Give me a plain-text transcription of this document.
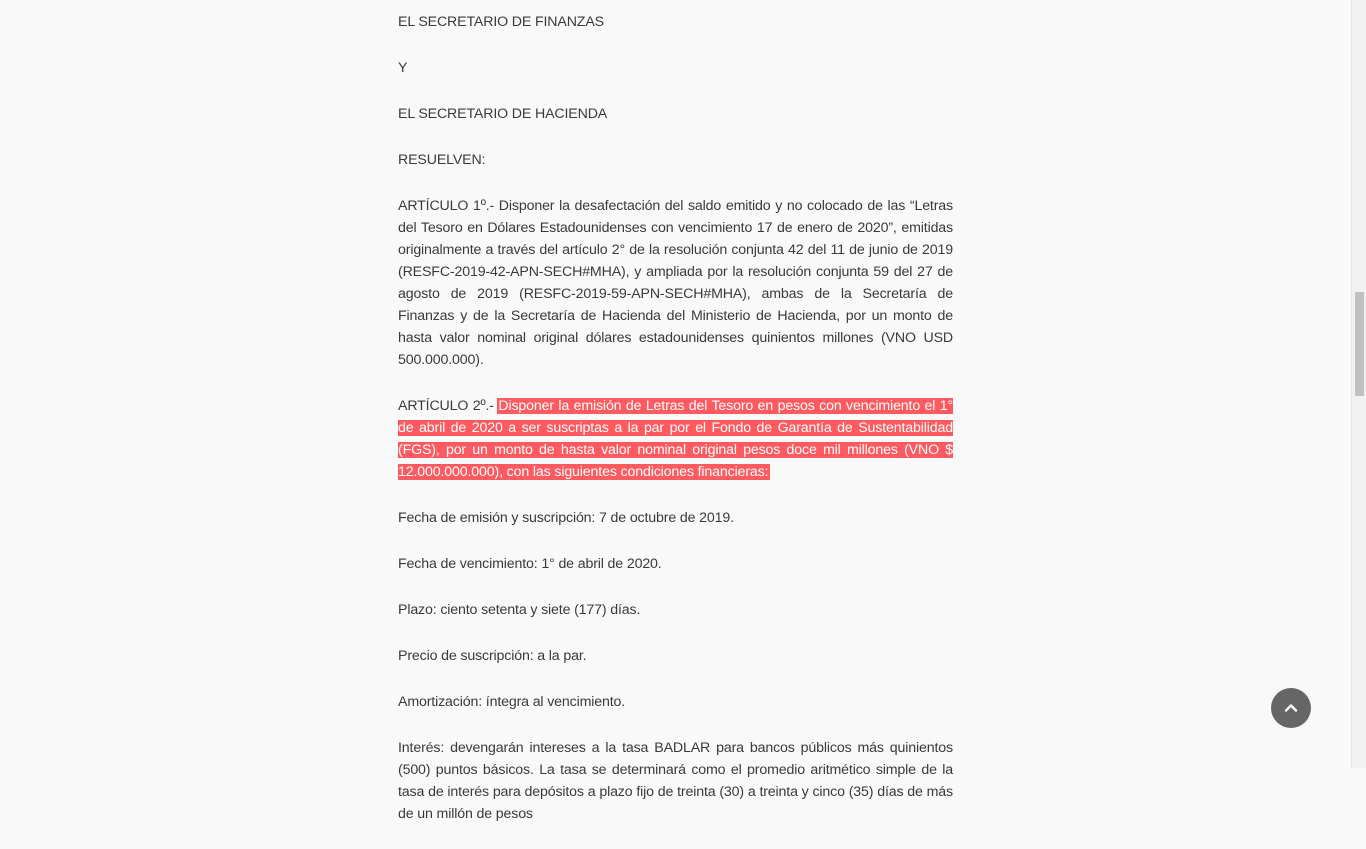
EL SECRETARIO DE FINANZAS

Y

EL SECRETARIO DE HACIENDA

RESUELVEN:

ARTÍCULO 1º.- Disponer la desafectación del saldo emitido y no colocado de las “Letras del Tesoro en Dólares Estadounidenses con vencimiento 17 de enero de 2020”, emitidas originalmente a través del artículo 2° de la resolución conjunta 42 del 11 de junio de 2019 (RESFC-2019-42-APN-SECH#MHA), y ampliada por la resolución conjunta 59 del 27 de agosto de 2019 (RESFC-2019-59-APN-SECH#MHA), ambas de la Secretaría de Finanzas y de la Secretaría de Hacienda del Ministerio de Hacienda, por un monto de hasta valor nominal original dólares estadounidenses quinientos millones (VNO USD 500.000.000).

ARTÍCULO 2º.- Disponer la emisión de Letras del Tesoro en pesos con vencimiento el 1° de abril de 2020 a ser suscriptas a la par por el Fondo de Garantía de Sustentabilidad (FGS), por un monto de hasta valor nominal original pesos doce mil millones (VNO $ 12.000.000.000), con las siguientes condiciones financieras:

Fecha de emisión y suscripción: 7 de octubre de 2019.

Fecha de vencimiento: 1° de abril de 2020.

Plazo: ciento setenta y siete (177) días.

Precio de suscripción: a la par.

Amortización: íntegra al vencimiento.

Interés: devengarán intereses a la tasa BADLAR para bancos públicos más quinientos (500) puntos básicos. La tasa se determinará como el promedio aritmético simple de la tasa de interés para depósitos a plazo fijo de treinta (30) a treinta y cinco (35) días de más de un millón de pesos
